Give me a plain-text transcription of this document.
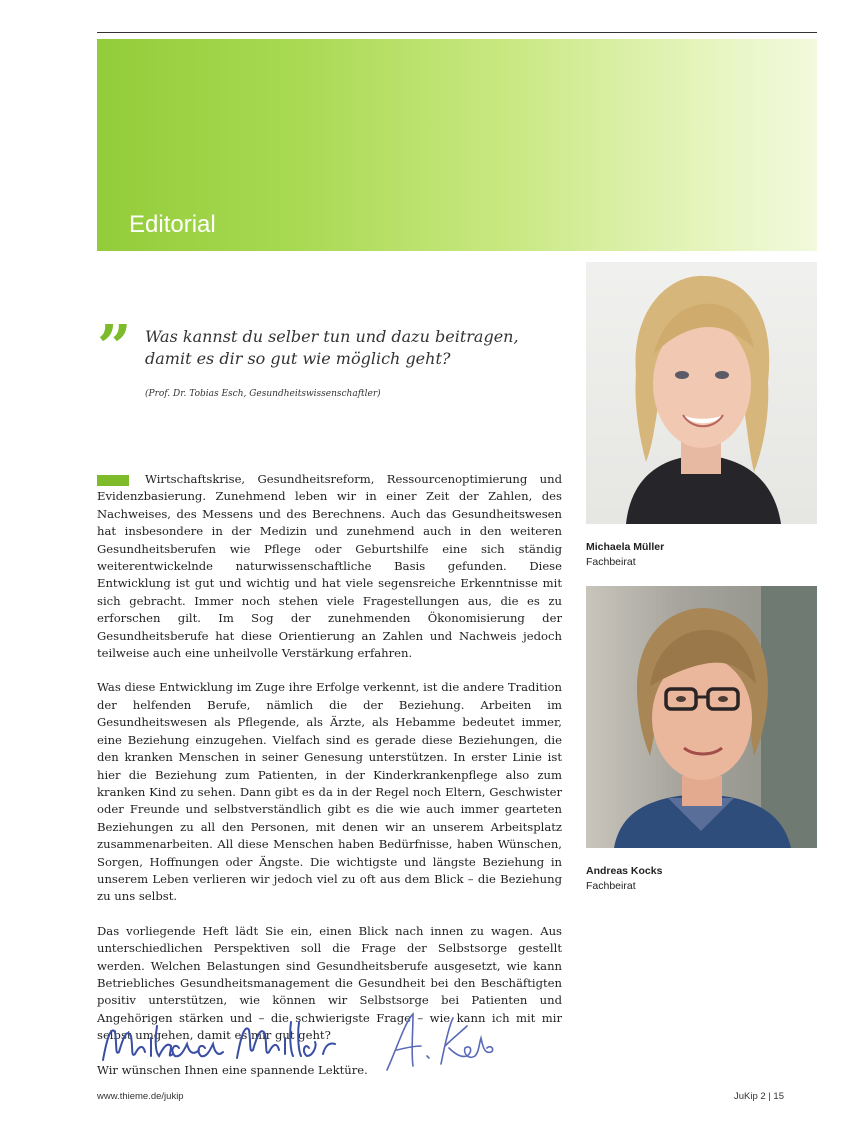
Editorial
” Was kannst du selber tun und dazu beitragen, damit es dir so gut wie möglich geht?
(Prof. Dr. Tobias Esch, Gesundheitswissenschaftler)

Wirtschaftskrise, Gesundheitsreform, Ressourcenoptimierung und Evidenzbasierung. Zunehmend leben wir in einer Zeit der Zahlen, des Nachweises, des Messens und des Berechnens. Auch das Gesundheitswesen hat insbesondere in der Medizin und zunehmend auch in den weiteren Gesundheitsberufen wie Pflege oder Geburtshilfe eine sich ständig weiterentwickelnde naturwissenschaftliche Basis gefunden. Diese Entwicklung ist gut und wichtig und hat viele segensreiche Erkenntnisse mit sich gebracht. Immer noch stehen viele Fragestellungen aus, die es zu erforschen gilt. Im Sog der zunehmenden Ökonomisierung der Gesundheitsberufe hat diese Orientierung an Zahlen und Nachweis jedoch teilweise auch eine unheilvolle Verstärkung erfahren.

Was diese Entwicklung im Zuge ihre Erfolge verkennt, ist die andere Tradition der helfenden Berufe, nämlich die der Beziehung. Arbeiten im Gesundheitswesen als Pflegende, als Ärzte, als Hebamme bedeutet immer, eine Beziehung einzugehen. Vielfach sind es gerade diese Beziehungen, die den kranken Menschen in seiner Genesung unterstützen. In erster Linie ist hier die Beziehung zum Patienten, in der Kinderkrankenpflege also zum kranken Kind zu sehen. Dann gibt es da in der Regel noch Eltern, Geschwister oder Freunde und selbstverständlich gibt es die wie auch immer gearteten Beziehungen zu all den Personen, mit denen wir an unserem Arbeitsplatz zusammenarbeiten. All diese Menschen haben Bedürfnisse, haben Wünschen, Sorgen, Hoffnungen oder Ängste. Die wichtigste und längste Beziehung in unserem Leben verlieren wir jedoch viel zu oft aus dem Blick – die Beziehung zu uns selbst.

Das vorliegende Heft lädt Sie ein, einen Blick nach innen zu wagen. Aus unterschiedlichen Perspektiven soll die Frage der Selbstsorge gestellt werden. Welchen Belastungen sind Gesundheitsberufe ausgesetzt, wie kann Betriebliches Gesundheitsmanagement die Gesundheit bei den Beschäftigten positiv unterstützen, wie können wir Selbstsorge bei Patienten und Angehörigen stärken und – die schwierigste Frage – wie kann ich mit mir selbst umgehen, damit es mir gut geht?

Wir wünschen Ihnen eine spannende Lektüre.

Michaela Müller
Fachbeirat
Andreas Kocks
Fachbeirat
www.thieme.de/jukip	JuKip 2 | 15
